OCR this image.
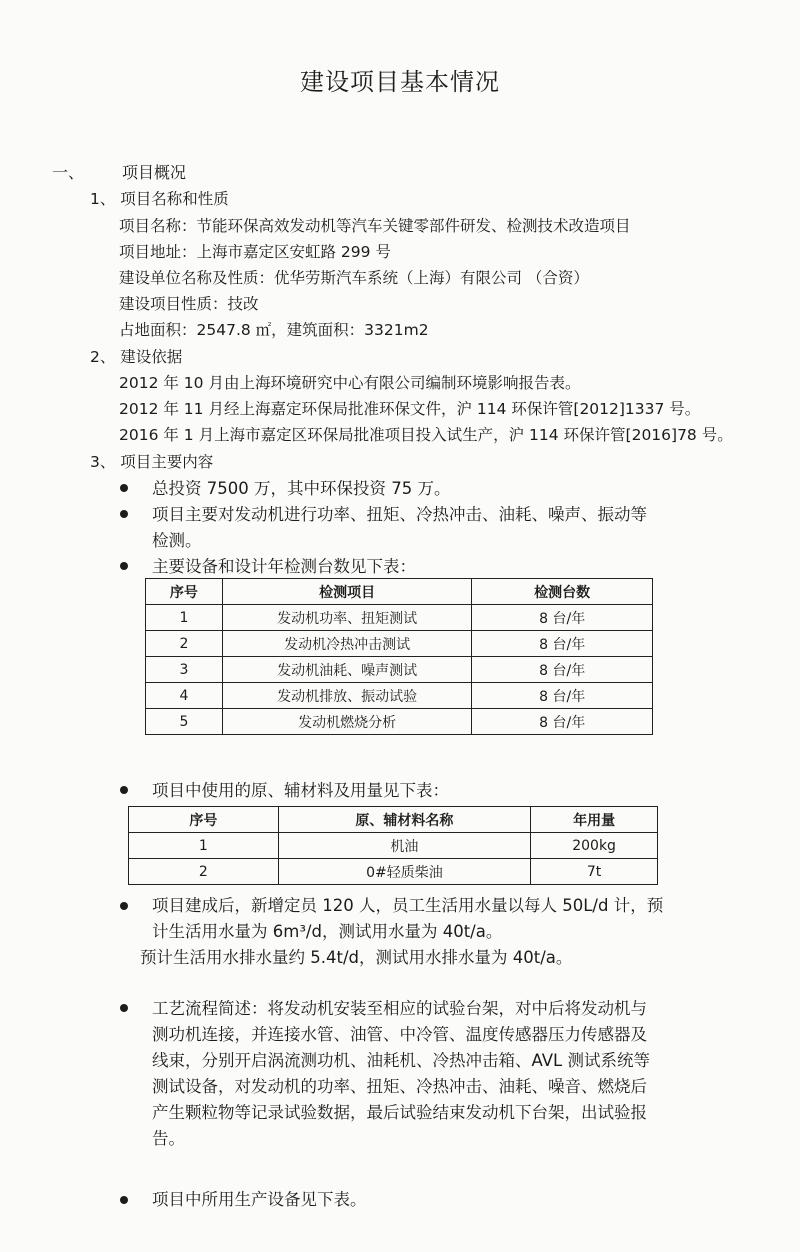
建设项目基本情况
一、 项目概况
1、 项目名称和性质
项目名称：节能环保高效发动机等汽车关键零部件研发、检测技术改造项目
项目地址：上海市嘉定区安虹路 299 号
建设单位名称及性质：优华劳斯汽车系统（上海）有限公司 （合资）
建设项目性质：技改
占地面积：2547.8 ㎡，建筑面积：3321m2
2、 建设依据
2012 年 10 月由上海环境研究中心有限公司编制环境影响报告表。
2012 年 11 月经上海嘉定环保局批准环保文件，沪 114 环保许管[2012]1337 号。
2016 年 1 月上海市嘉定区环保局批准项目投入试生产，沪 114 环保许管[2016]78 号。
3、 项目主要内容
总投资 7500 万，其中环保投资 75 万。
项目主要对发动机进行功率、扭矩、冷热冲击、油耗、噪声、振动等
检测。
主要设备和设计年检测台数见下表：
序号	检测项目	检测台数
1	发动机功率、扭矩测试	8 台/年
2	发动机冷热冲击测试	8 台/年
3	发动机油耗、噪声测试	8 台/年
4	发动机排放、振动试验	8 台/年
5	发动机燃烧分析	8 台/年
项目中使用的原、辅材料及用量见下表：
序号	原、辅材料名称	年用量
1	机油	200kg
2	0#轻质柴油	7t
项目建成后，新增定员 120 人，员工生活用水量以每人 50L/d 计，预
计生活用水量为 6m³/d，测试用水量为 40t/a。
预计生活用水排水量约 5.4t/d，测试用水排水量为 40t/a。
工艺流程简述：将发动机安装至相应的试验台架，对中后将发动机与
测功机连接，并连接水管、油管、中冷管、温度传感器压力传感器及
线束，分别开启涡流测功机、油耗机、冷热冲击箱、AVL 测试系统等
测试设备，对发动机的功率、扭矩、冷热冲击、油耗、噪音、燃烧后
产生颗粒物等记录试验数据，最后试验结束发动机下台架，出试验报
告。
项目中所用生产设备见下表。
